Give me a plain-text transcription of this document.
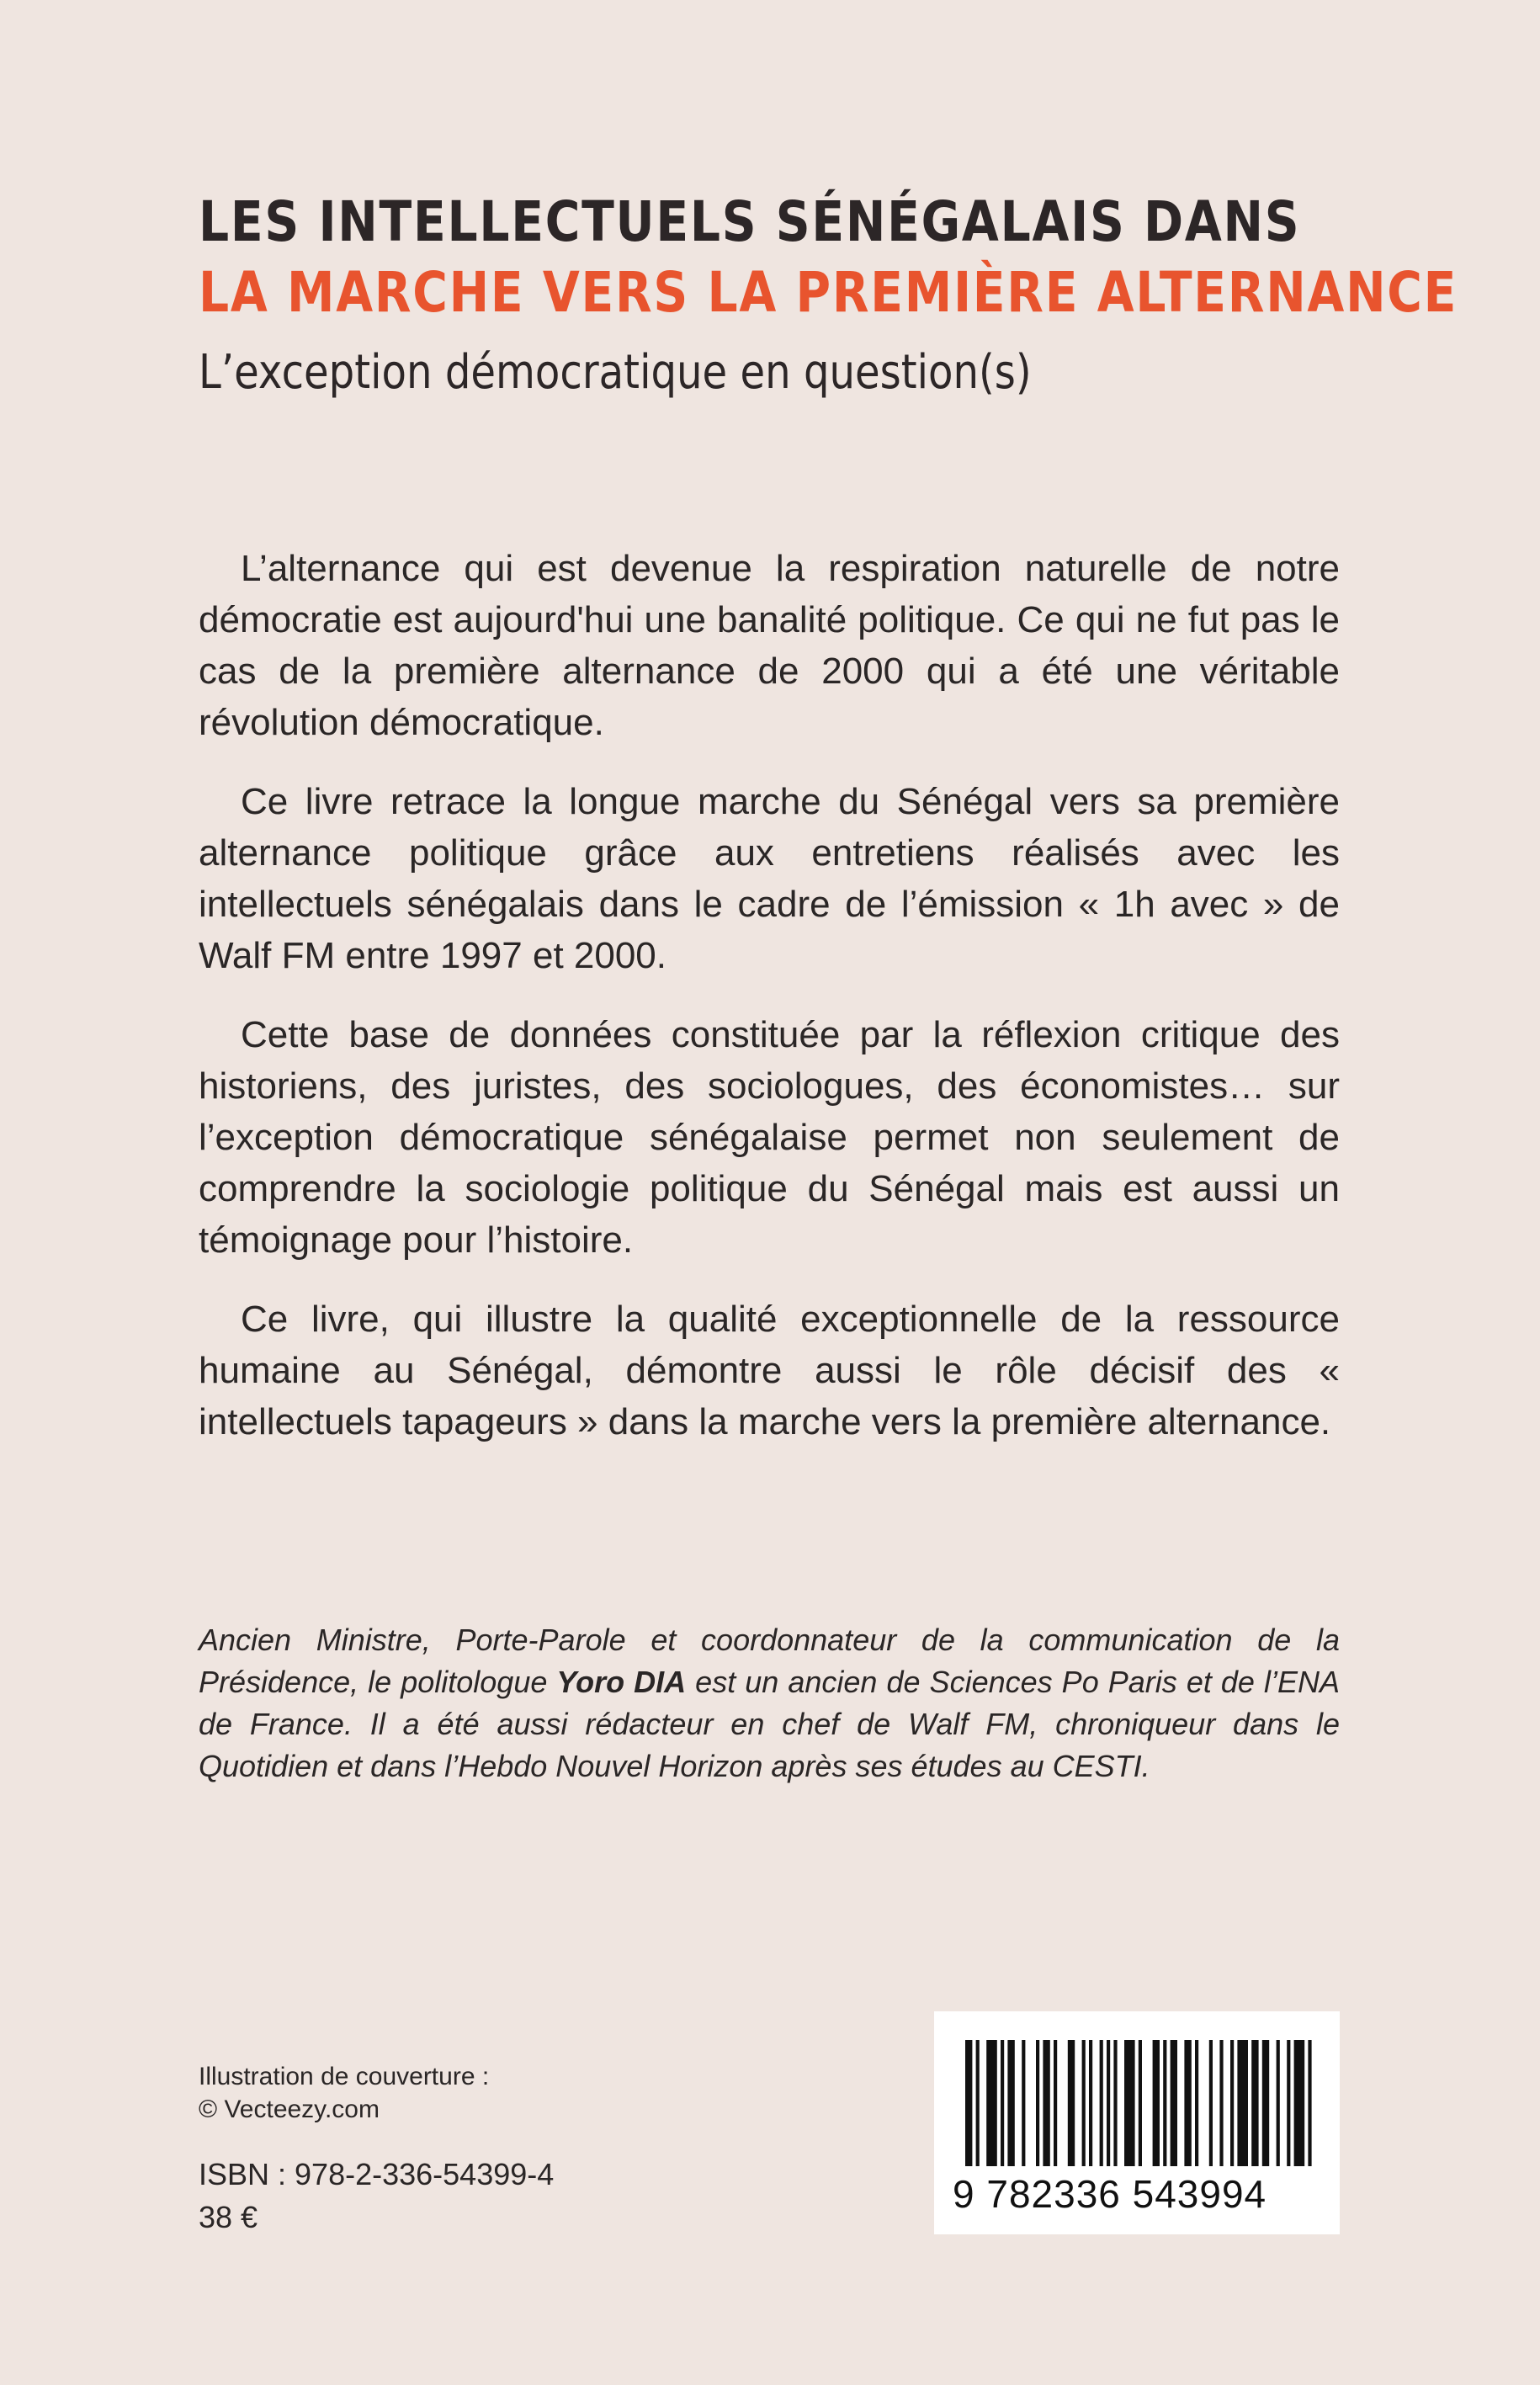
LES INTELLECTUELS SÉNÉGALAIS DANS
LA MARCHE VERS LA PREMIÈRE ALTERNANCE
L’exception démocratique en question(s)

L’alternance qui est devenue la respiration naturelle de notre démocratie est aujourd'hui une banalité politique. Ce qui ne fut pas le cas de la première alternance de 2000 qui a été une véritable révolution démocratique.

Ce livre retrace la longue marche du Sénégal vers sa première alternance politique grâce aux entretiens réalisés avec les intellectuels sénégalais dans le cadre de l’émission « 1h avec » de Walf FM entre 1997 et 2000.

Cette base de données constituée par la réflexion critique des historiens, des juristes, des sociologues, des économistes… sur l’exception démocratique sénégalaise permet non seulement de comprendre la sociologie politique du Sénégal mais est aussi un témoignage pour l’histoire.

Ce livre, qui illustre la qualité exceptionnelle de la ressource humaine au Sénégal, démontre aussi le rôle décisif des « intellectuels tapageurs » dans la marche vers la première alternance.

Ancien Ministre, Porte-Parole et coordonnateur de la communication de la Présidence, le politologue Yoro DIA est un ancien de Sciences Po Paris et de l’ENA de France. Il a été aussi rédacteur en chef de Walf FM, chroniqueur dans le Quotidien et dans l’Hebdo Nouvel Horizon après ses études au CESTI.
Illustration de couverture :
© Vecteezy.com
ISBN : 978-2-336-54399-4
38 €
9 782336 543994
